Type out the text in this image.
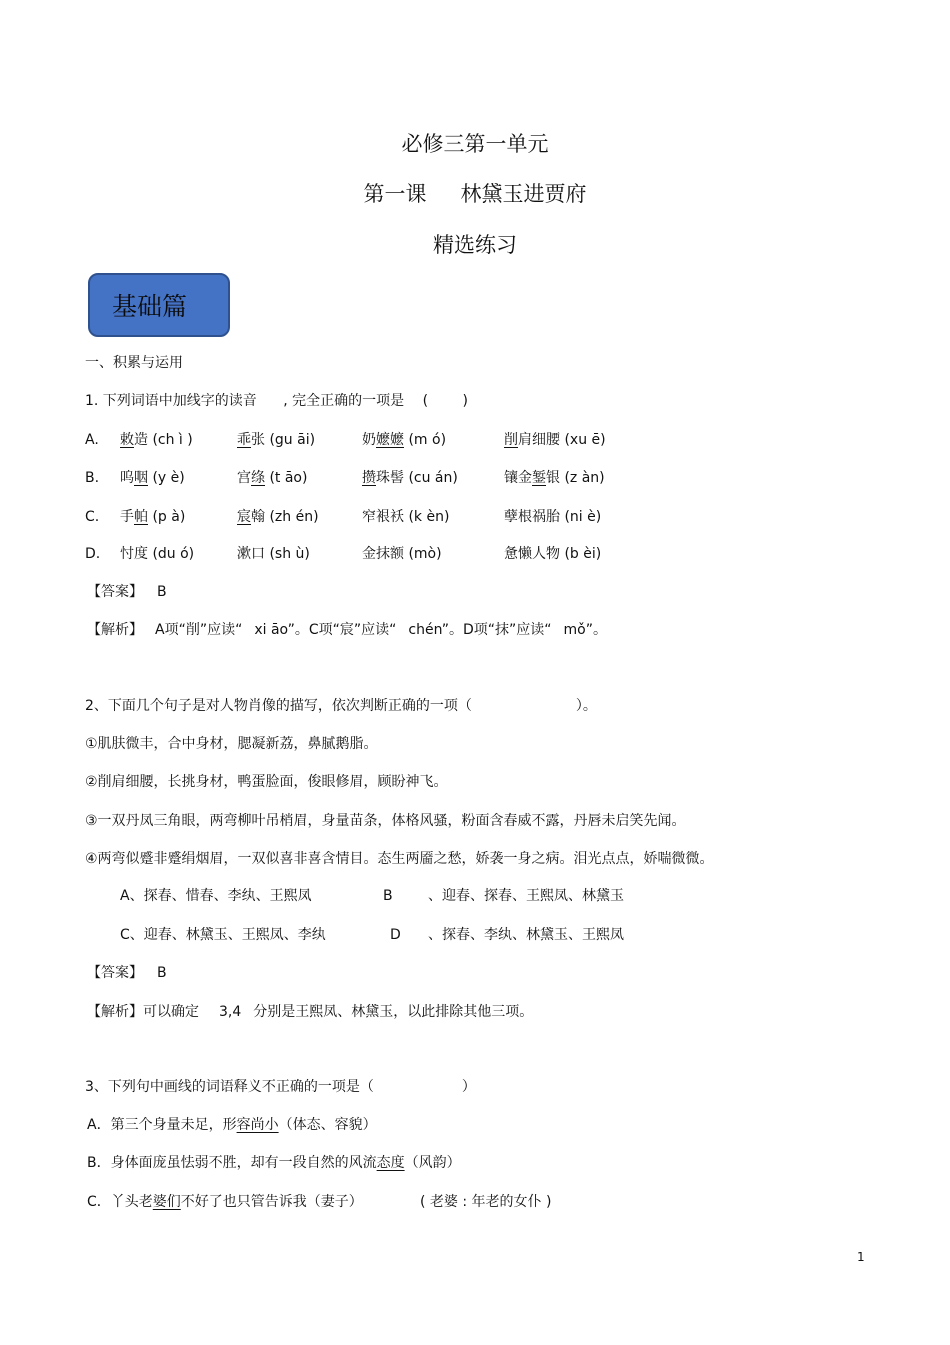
必修三第一单元
第一课 林黛玉进贾府
精选练习
基础篇
一、积累与运用
1. 下列词语中加线字的读音 , 完全正确的一项是 ( )
A. 敕造 (ch ì )	乖张 (gu āi)	奶嬷嬷 (m ó)	削肩细腰 (xu ē)
B. 呜咽 (y è)	宫绦 (t āo)	攒珠髻 (cu án)	镶金錾银 (z àn)
C. 手帕 (p à)	宸翰 (zh én)	窄裉袄 (k èn)	孽根祸胎 (ni è)
D. 忖度 (du ó)	漱口 (sh ù)	金抹额 (mò)	惫懒人物 (b èi)
【答案】 B
【解析】 A项“削”应读“ xi āo”。C项“宸”应读“ chén”。D项“抹”应读“ mǒ”。
2、下面几个句子是对人物肖像的描写，依次判断正确的一项（	）。
①肌肤微丰，合中身材，腮凝新荔，鼻腻鹅脂。
②削肩细腰，长挑身材，鸭蛋脸面，俊眼修眉，顾盼神飞。
③一双丹凤三角眼，两弯柳叶吊梢眉，身量苗条，体格风骚，粉面含春威不露，丹唇未启笑先闻。
④两弯似蹙非蹙绢烟眉，一双似喜非喜含情目。态生两靥之愁，娇袭一身之病。泪光点点，娇喘微微。
A、探春、惜春、李纨、王熙凤	B	、迎春、探春、王熙凤、林黛玉
C、迎春、林黛玉、王熙凤、李纨	D 、探春、李纨、林黛玉、王熙凤
【答案】 B
【解析】可以确定 3,4 分别是王熙凤、林黛玉，以此排除其他三项。
3、下列句中画线的词语释义不正确的一项是（	）
A．第三个身量未足，形容尚小（体态、容貌）
B．身体面庞虽怯弱不胜，却有一段自然的风流态度（风韵）
C．丫头老婆们不好了也只管告诉我（妻子）	( 老婆 : 年老的女仆 )
1
